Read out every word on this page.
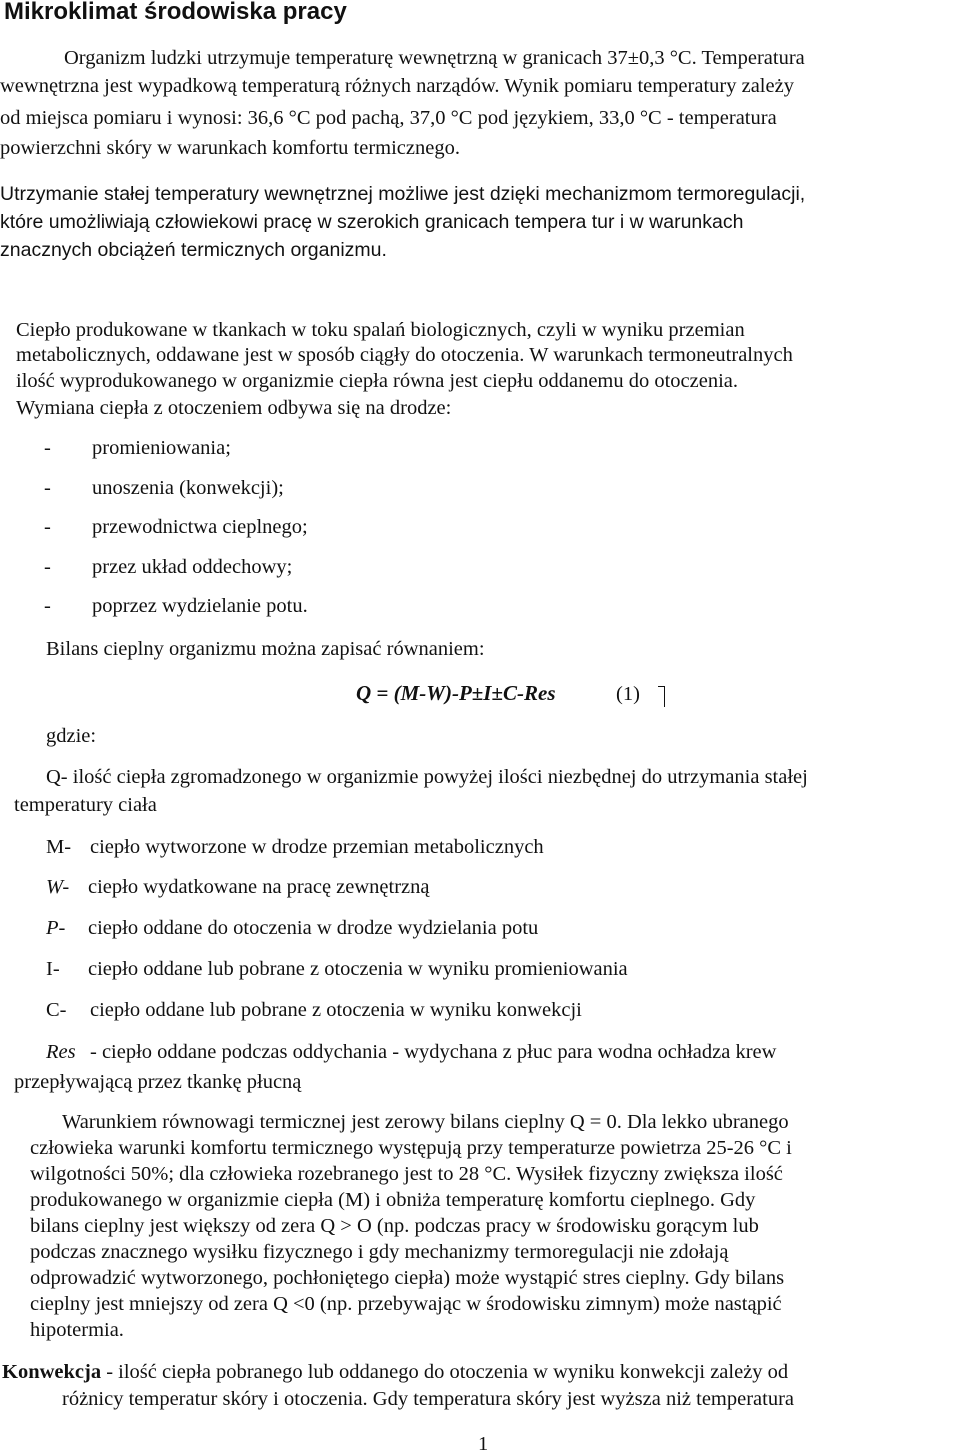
Mikroklimat środowiska pracy
Organizm ludzki utrzymuje temperaturę wewnętrzną w granicach 37±0,3 °C. Temperatura
wewnętrzna jest wypadkową temperaturą różnych narządów. Wynik pomiaru temperatury zależy
od miejsca pomiaru i wynosi: 36,6 °C pod pachą, 37,0 °C pod językiem, 33,0 °C - temperatura
powierzchni skóry w warunkach komfortu termicznego.
Utrzymanie stałej temperatury wewnętrznej możliwe jest dzięki mechanizmom termoregulacji,
które umożliwiają człowiekowi pracę w szerokich granicach tempera tur i w warunkach
znacznych obciążeń termicznych organizmu.
Ciepło produkowane w tkankach w toku spalań biologicznych, czyli w wyniku przemian
metabolicznych, oddawane jest w sposób ciągły do otoczenia. W warunkach termoneutralnych
ilość wyprodukowanego w organizmie ciepła równa jest ciepłu oddanemu do otoczenia.
Wymiana ciepła z otoczeniem odbywa się na drodze:
- promieniowania;
- unoszenia (konwekcji);
- przewodnictwa cieplnego;
- przez układ oddechowy;
- poprzez wydzielanie potu.
Bilans cieplny organizmu można zapisać równaniem:
Q = (M-W)-P±I±C-Res	(1)
gdzie:
Q- ilość ciepła zgromadzonego w organizmie powyżej ilości niezbędnej do utrzymania stałej
temperatury ciała
M- ciepło wytworzone w drodze przemian metabolicznych
W- ciepło wydatkowane na pracę zewnętrzną
P- ciepło oddane do otoczenia w drodze wydzielania potu
I- ciepło oddane lub pobrane z otoczenia w wyniku promieniowania
C- ciepło oddane lub pobrane z otoczenia w wyniku konwekcji
Res - ciepło oddane podczas oddychania - wydychana z płuc para wodna ochładza krew
przepływającą przez tkankę płucną
Warunkiem równowagi termicznej jest zerowy bilans cieplny Q = 0. Dla lekko ubranego
człowieka warunki komfortu termicznego występują przy temperaturze powietrza 25-26 °C i
wilgotności 50%; dla człowieka rozebranego jest to 28 °C. Wysiłek fizyczny zwiększa ilość
produkowanego w organizmie ciepła (M) i obniża temperaturę komfortu cieplnego. Gdy
bilans cieplny jest większy od zera Q > O (np. podczas pracy w środowisku gorącym lub
podczas znacznego wysiłku fizycznego i gdy mechanizmy termoregulacji nie zdołają
odprowadzić wytworzonego, pochłoniętego ciepła) może wystąpić stres cieplny. Gdy bilans
cieplny jest mniejszy od zera Q <0 (np. przebywając w środowisku zimnym) może nastąpić
hipotermia.
Konwekcja - ilość ciepła pobranego lub oddanego do otoczenia w wyniku konwekcji zależy od
różnicy temperatur skóry i otoczenia. Gdy temperatura skóry jest wyższa niż temperatura
1
